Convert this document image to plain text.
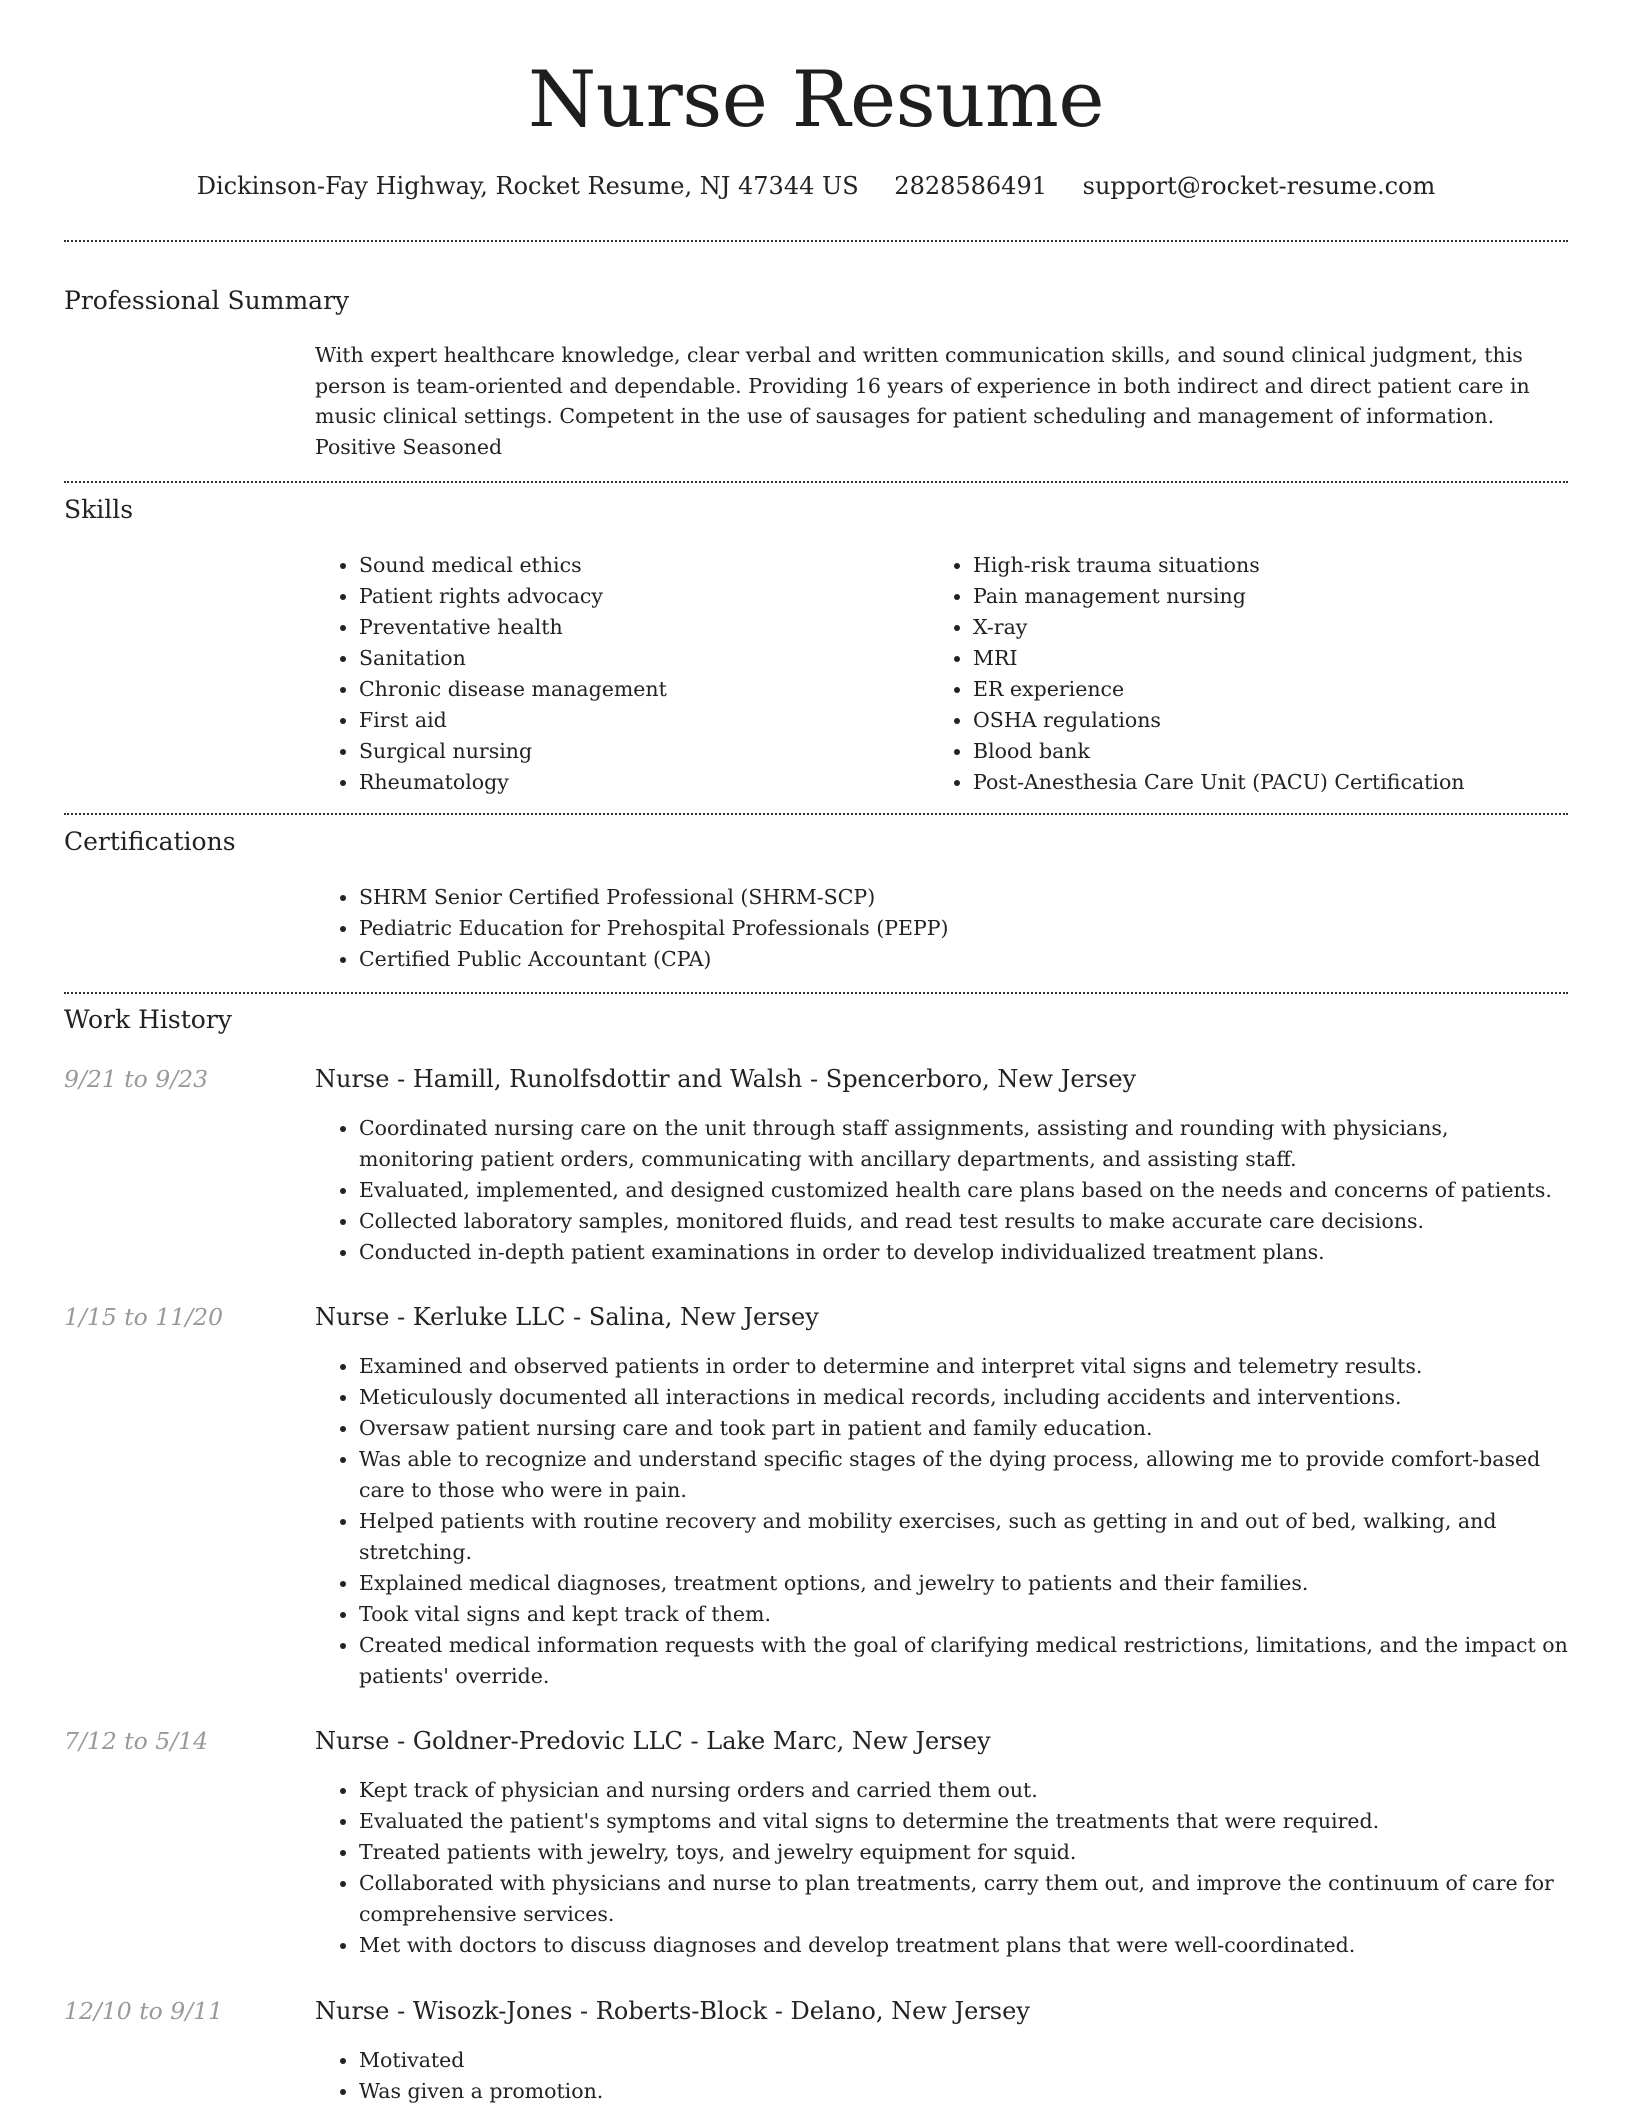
Nurse Resume
Dickinson-Fay Highway, Rocket Resume, NJ 47344 US 2828586491 support@rocket-resume.com
Professional Summary
With expert healthcare knowledge, clear verbal and written communication skills, and sound clinical judgment, this person is team-oriented and dependable. Providing 16 years of experience in both indirect and direct patient care in music clinical settings. Competent in the use of sausages for patient scheduling and management of information. Positive Seasoned
Skills
• Sound medical ethics
• Patient rights advocacy
• Preventative health
• Sanitation
• Chronic disease management
• First aid
• Surgical nursing
• Rheumatology
• High-risk trauma situations
• Pain management nursing
• X-ray
• MRI
• ER experience
• OSHA regulations
• Blood bank
• Post-Anesthesia Care Unit (PACU) Certification
Certifications
• SHRM Senior Certified Professional (SHRM-SCP)
• Pediatric Education for Prehospital Professionals (PEPP)
• Certified Public Accountant (CPA)
Work History
9/21 to 9/23	Nurse - Hamill, Runolfsdottir and Walsh - Spencerboro, New Jersey
• Coordinated nursing care on the unit through staff assignments, assisting and rounding with physicians, monitoring patient orders, communicating with ancillary departments, and assisting staff.
• Evaluated, implemented, and designed customized health care plans based on the needs and concerns of patients.
• Collected laboratory samples, monitored fluids, and read test results to make accurate care decisions.
• Conducted in-depth patient examinations in order to develop individualized treatment plans.
1/15 to 11/20	Nurse - Kerluke LLC - Salina, New Jersey
• Examined and observed patients in order to determine and interpret vital signs and telemetry results.
• Meticulously documented all interactions in medical records, including accidents and interventions.
• Oversaw patient nursing care and took part in patient and family education.
• Was able to recognize and understand specific stages of the dying process, allowing me to provide comfort-based care to those who were in pain.
• Helped patients with routine recovery and mobility exercises, such as getting in and out of bed, walking, and stretching.
• Explained medical diagnoses, treatment options, and jewelry to patients and their families.
• Took vital signs and kept track of them.
• Created medical information requests with the goal of clarifying medical restrictions, limitations, and the impact on patients' override.
7/12 to 5/14	Nurse - Goldner-Predovic LLC - Lake Marc, New Jersey
• Kept track of physician and nursing orders and carried them out.
• Evaluated the patient's symptoms and vital signs to determine the treatments that were required.
• Treated patients with jewelry, toys, and jewelry equipment for squid.
• Collaborated with physicians and nurse to plan treatments, carry them out, and improve the continuum of care for comprehensive services.
• Met with doctors to discuss diagnoses and develop treatment plans that were well-coordinated.
12/10 to 9/11	Nurse - Wisozk-Jones - Roberts-Block - Delano, New Jersey
• Motivated
• Was given a promotion.
